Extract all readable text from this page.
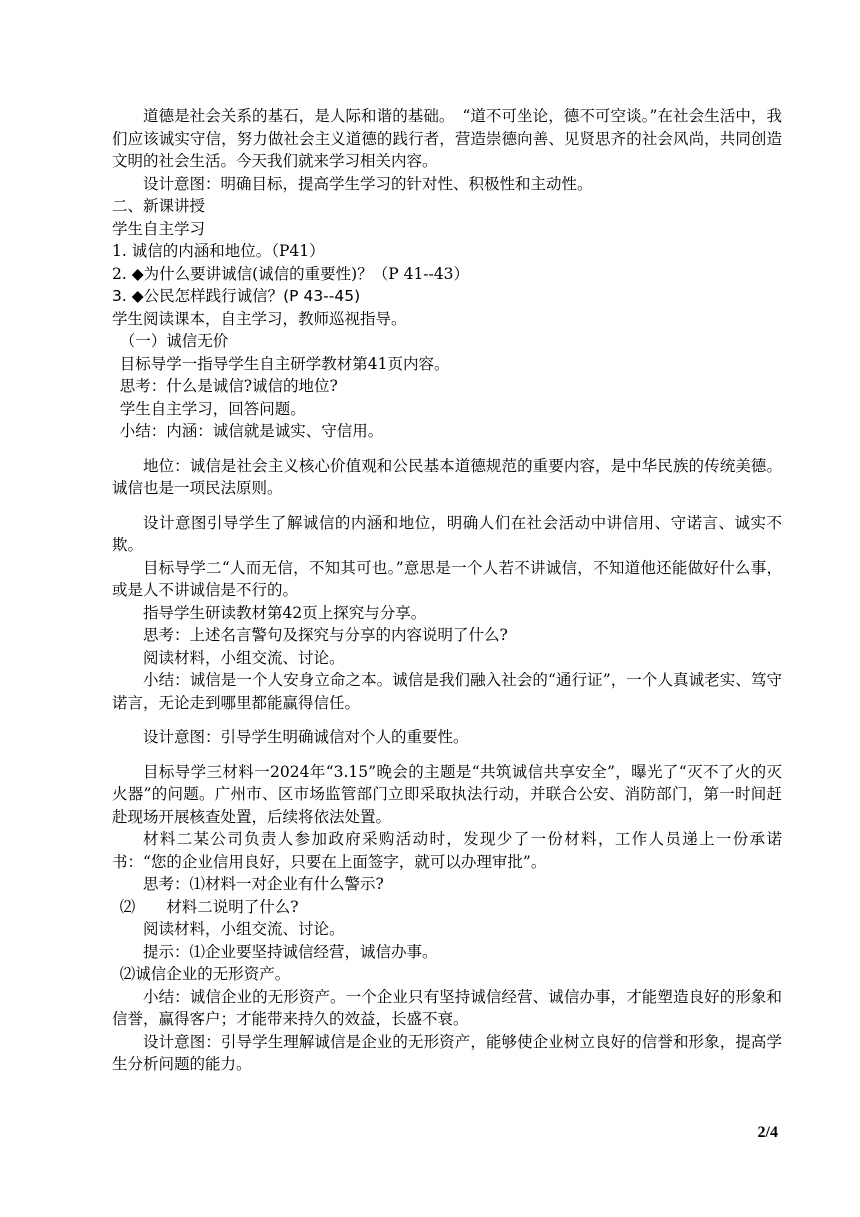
道德是社会关系的基石，是人际和谐的基础。　“道不可坐论，德不可空谈。”在社会生活中，我们应该诚实守信，努力做社会主义道德的践行者，营造崇德向善、见贤思齐的社会风尚，共同创造文明的社会生活。今天我们就来学习相关内容。

设计意图：明确目标，提高学生学习的针对性、积极性和主动性。

二、新课讲授

学生自主学习

1. 诚信的内涵和地位。（P41）

2. ◆为什么要讲诚信(诚信的重要性)？（P 41--43）

3. ◆公民怎样践行诚信？(P 43--45)

学生阅读课本，自主学习，教师巡视指导。

（一）诚信无价

目标导学一指导学生自主研学教材第41页内容。

思考：什么是诚信?诚信的地位?

学生自主学习，回答问题。

小结：内涵：诚信就是诚实、守信用。

地位：诚信是社会主义核心价值观和公民基本道德规范的重要内容，是中华民族的传统美德。诚信也是一项民法原则。

设计意图引导学生了解诚信的内涵和地位，明确人们在社会活动中讲信用、守诺言、诚实不欺。

目标导学二“人而无信，不知其可也。”意思是一个人若不讲诚信，不知道他还能做好什么事，或是人不讲诚信是不行的。

指导学生研读教材第42页上探究与分享。

思考：上述名言警句及探究与分享的内容说明了什么?

阅读材料，小组交流、讨论。

小结：诚信是一个人安身立命之本。诚信是我们融入社会的“通行证”，一个人真诚老实、笃守诺言，无论走到哪里都能赢得信任。

设计意图：引导学生明确诚信对个人的重要性。

目标导学三材料一2024年“3.15”晚会的主题是“共筑诚信共享安全”，曝光了“灭不了火的灭火器”的问题。广州市、区市场监管部门立即采取执法行动，并联合公安、消防部门，第一时间赶赴现场开展核查处置，后续将依法处置。

材料二某公司负责人参加政府采购活动时，发现少了一份材料，工作人员递上一份承诺书：“您的企业信用良好，只要在上面签字，就可以办理审批”。

思考：⑴材料一对企业有什么警示?

⑵　　材料二说明了什么?

阅读材料，小组交流、讨论。

提示：⑴企业要坚持诚信经营，诚信办事。

⑵诚信企业的无形资产。

小结：诚信企业的无形资产。一个企业只有坚持诚信经营、诚信办事，才能塑造良好的形象和信誉，赢得客户；才能带来持久的效益，长盛不衰。

设计意图：引导学生理解诚信是企业的无形资产，能够使企业树立良好的信誉和形象，提高学生分析问题的能力。

2/4
